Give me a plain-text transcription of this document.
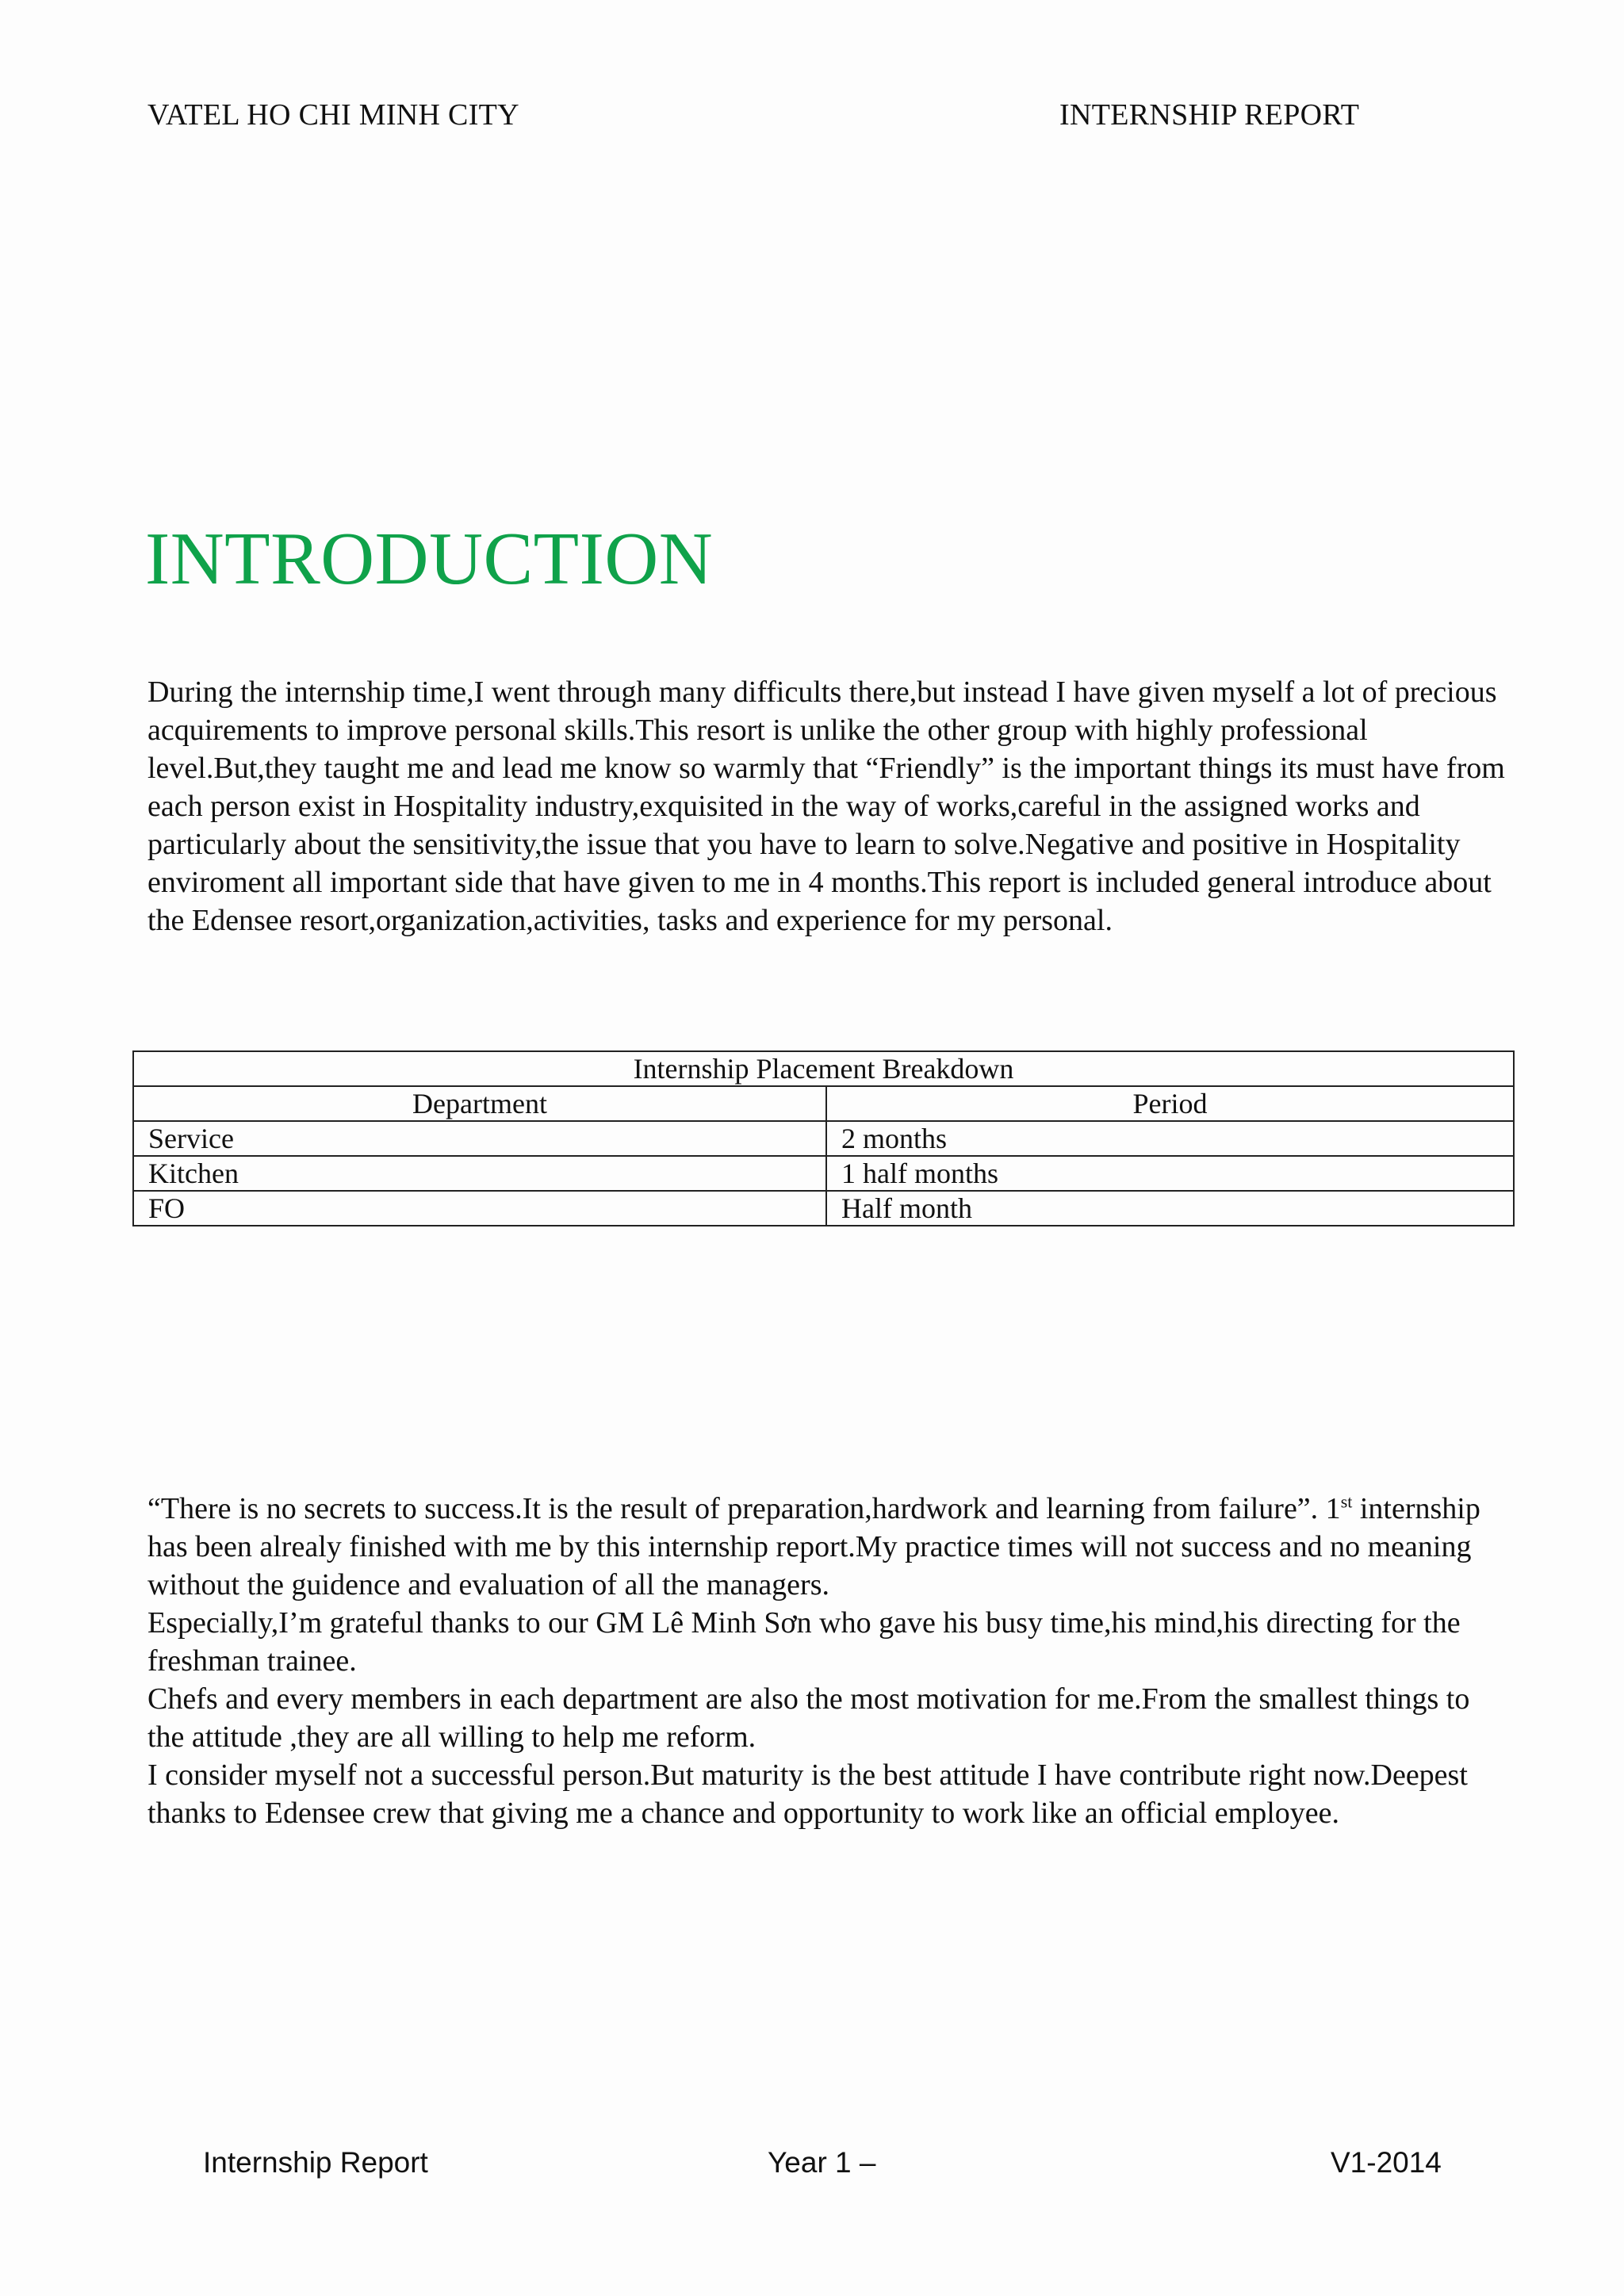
VATEL HO CHI MINH CITY	INTERNSHIP REPORT
INTRODUCTION

During the internship time,I went through many difficults there,but instead I have given myself a lot of precious acquirements to improve personal skills.This resort is unlike the other group with highly professional level.But,they taught me and lead me know so warmly that “Friendly” is the important things its must have from each person exist in Hospitality industry,exquisited in the way of works,careful in the assigned works and particularly about the sensitivity,the issue that you have to learn to solve.Negative and positive in Hospitality enviroment all important side that have given to me in 4 months.This report is included general introduce about the Edensee resort,organization,activities, tasks and experience for my personal.

Internship Placement Breakdown	
Department	Period
Service	2 months
Kitchen	1 half months
FO	Half month

“There is no secrets to success.It is the result of preparation,hardwork and learning from failure”. 1st internship has been alrealy finished with me by this internship report.My practice times will not success and no meaning without the guidence and evaluation of all the managers.

Especially,I’m grateful thanks to our GM Lê Minh Sơn who gave his busy time,his mind,his directing for the freshman trainee.

Chefs and every members in each department are also the most motivation for me.From the smallest things to the attitude ,they are all willing to help me reform.

I consider myself not a successful person.But maturity is the best attitude I have contribute right now.Deepest thanks to Edensee crew that giving me a chance and opportunity to work like an official employee.

Internship Report	Year 1 –	V1-2014
